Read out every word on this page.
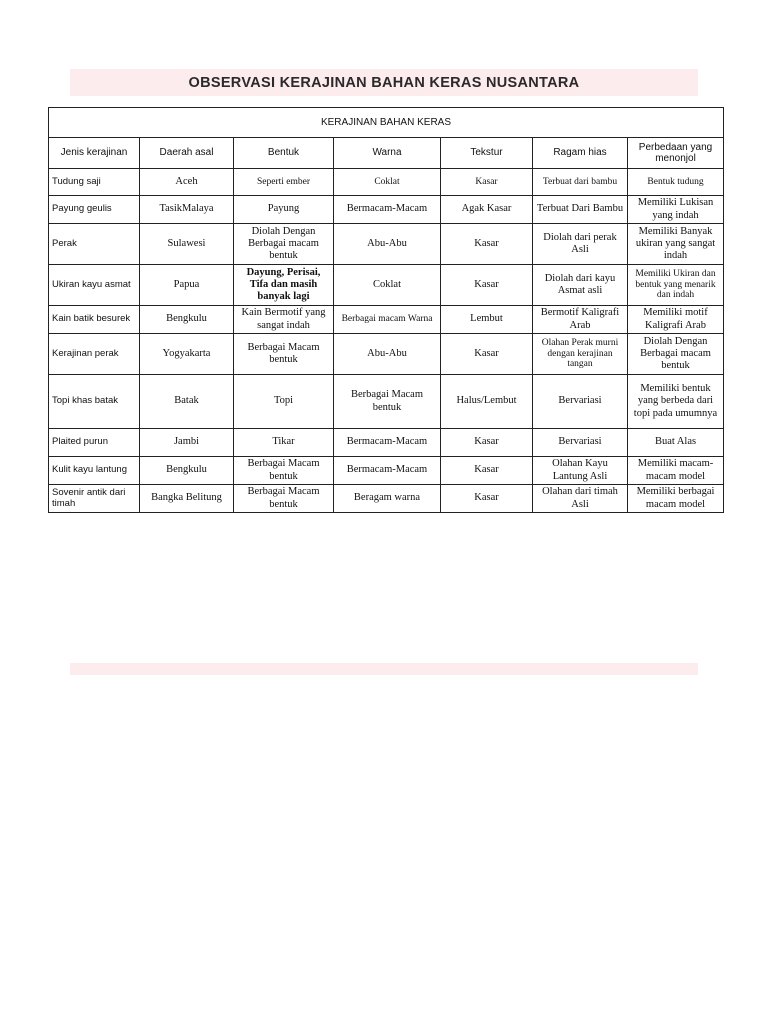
OBSERVASI KERAJINAN BAHAN KERAS NUSANTARA
KERAJINAN BAHAN KERAS						
Jenis kerajinan	Daerah asal	Bentuk	Warna	Tekstur	Ragam hias	Perbedaan yang menonjol
Tudung saji	Aceh	Seperti ember	Coklat	Kasar	Terbuat dari bambu	Bentuk tudung
Payung geulis	TasikMalaya	Payung	Bermacam-Macam	Agak Kasar	Terbuat Dari Bambu	Memiliki Lukisan yang indah
Perak	Sulawesi	Diolah Dengan Berbagai macam bentuk	Abu-Abu	Kasar	Diolah dari perak Asli	Memiliki Banyak ukiran yang sangat indah
Ukiran kayu asmat	Papua	Dayung, Perisai, Tifa dan masih banyak lagi	Coklat	Kasar	Diolah dari kayu Asmat asli	Memiliki Ukiran dan bentuk yang menarik dan indah
Kain batik besurek	Bengkulu	Kain Bermotif yang sangat indah	Berbagai macam Warna	Lembut	Bermotif Kaligrafi Arab	Memiliki motif Kaligrafi Arab
Kerajinan perak	Yogyakarta	Berbagai Macam bentuk	Abu-Abu	Kasar	Olahan Perak murni dengan kerajinan tangan	Diolah Dengan Berbagai macam bentuk
Topi khas batak	Batak	Topi	Berbagai Macam bentuk	Halus/Lembut	Bervariasi	Memiliki bentuk yang berbeda dari topi pada umumnya
Plaited purun	Jambi	Tikar	Bermacam-Macam	Kasar	Bervariasi	Buat Alas
Kulit kayu lantung	Bengkulu	Berbagai Macam bentuk	Bermacam-Macam	Kasar	Olahan Kayu Lantung Asli	Memiliki macam-macam model
Sovenir antik dari timah	Bangka Belitung	Berbagai Macam bentuk	Beragam warna	Kasar	Olahan dari timah Asli	Memiliki berbagai macam model
